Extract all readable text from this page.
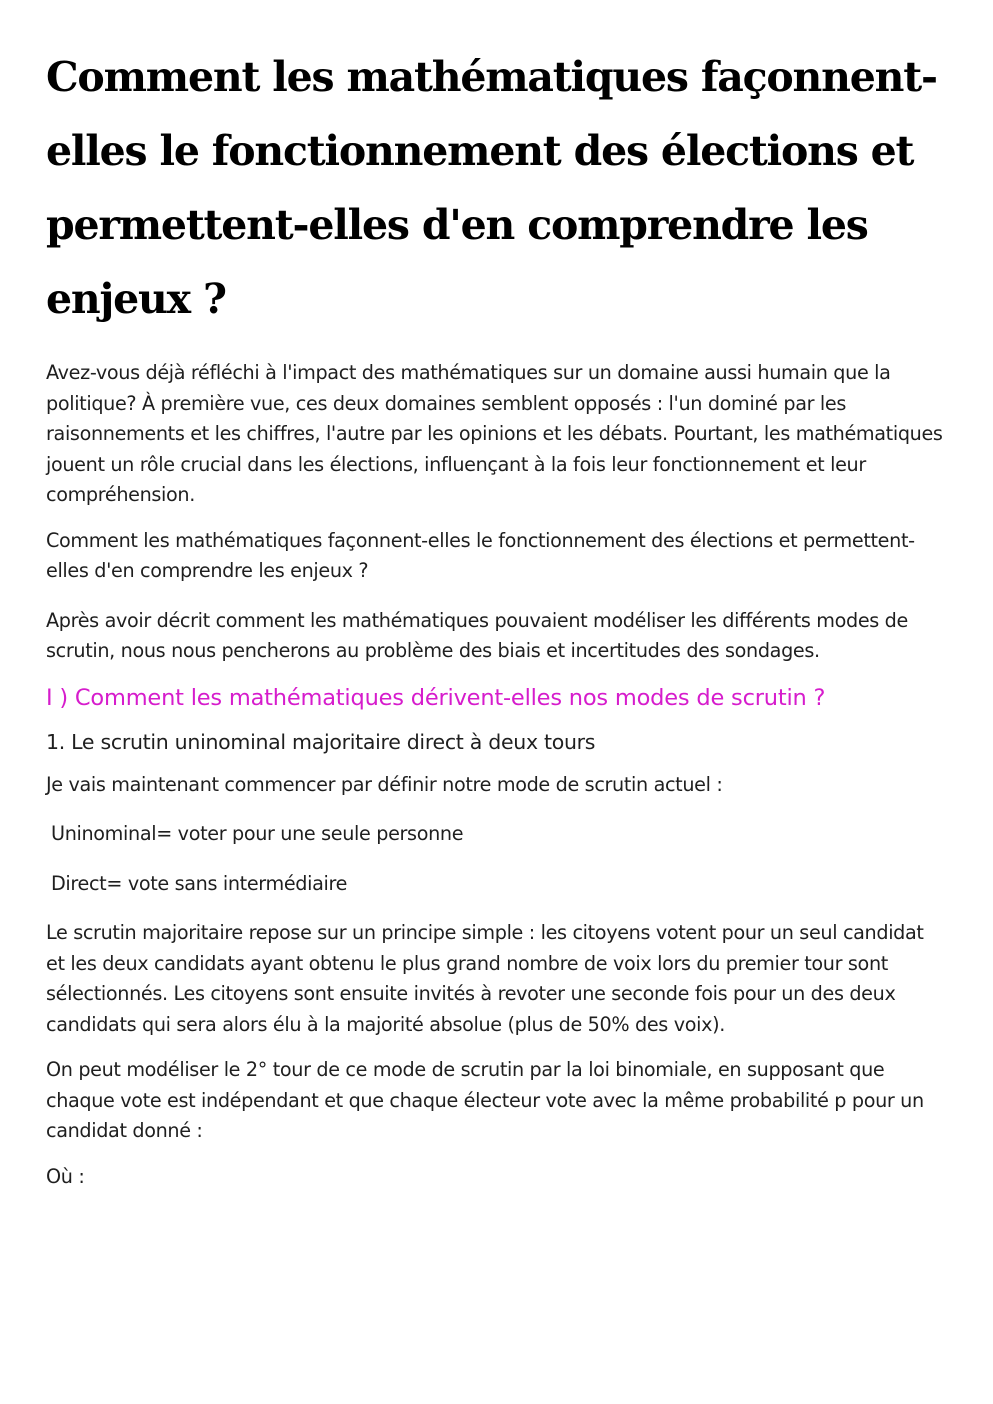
Comment les mathématiques façonnent-elles le fonctionnement des élections et permettent-elles d'en comprendre les enjeux ?

Avez-vous déjà réfléchi à l'impact des mathématiques sur un domaine aussi humain que la politique? À première vue, ces deux domaines semblent opposés : l'un dominé par les raisonnements et les chiffres, l'autre par les opinions et les débats. Pourtant, les mathématiques jouent un rôle crucial dans les élections, influençant à la fois leur fonctionnement et leur compréhension.

Comment les mathématiques façonnent-elles le fonctionnement des élections et permettent-elles d'en comprendre les enjeux ?

Après avoir décrit comment les mathématiques pouvaient modéliser les différents modes de scrutin, nous nous pencherons au problème des biais et incertitudes des sondages.

I ) Comment les mathématiques dérivent-elles nos modes de scrutin ?
1. Le scrutin uninominal majoritaire direct à deux tours

Je vais maintenant commencer par définir notre mode de scrutin actuel :

Uninominal= voter pour une seule personne

Direct= vote sans intermédiaire

Le scrutin majoritaire repose sur un principe simple : les citoyens votent pour un seul candidat et les deux candidats ayant obtenu le plus grand nombre de voix lors du premier tour sont sélectionnés. Les citoyens sont ensuite invités à revoter une seconde fois pour un des deux candidats qui sera alors élu à la majorité absolue (plus de 50% des voix).

On peut modéliser le 2° tour de ce mode de scrutin par la loi binomiale, en supposant que chaque vote est indépendant et que chaque électeur vote avec la même probabilité p pour un candidat donné :

Où :
